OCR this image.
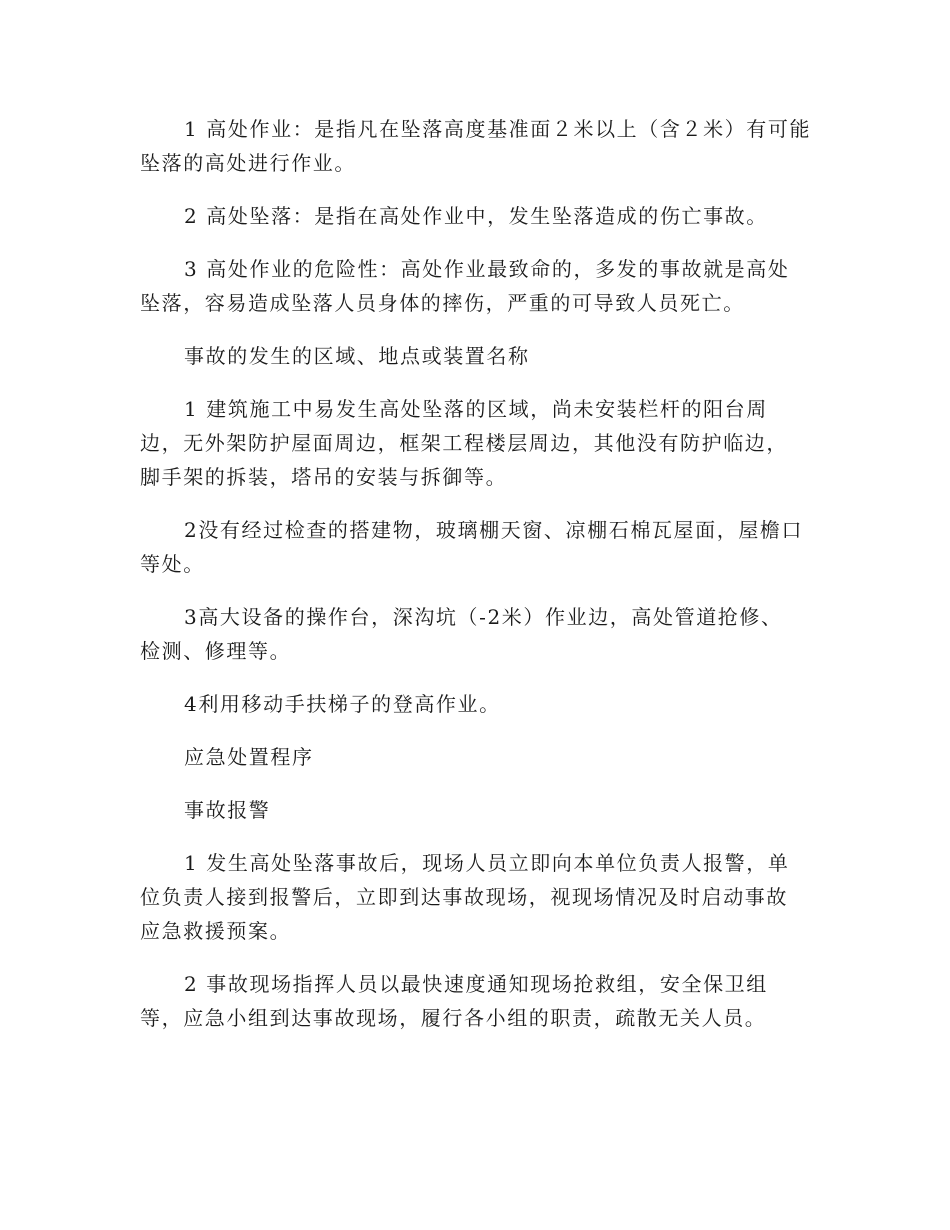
1 高处作业：是指凡在坠落高度基准面２米以上（含２米）有可能
坠落的高处进行作业。

2 高处坠落：是指在高处作业中，发生坠落造成的伤亡事故。

3 高处作业的危险性：高处作业最致命的，多发的事故就是高处
坠落，容易造成坠落人员身体的摔伤，严重的可导致人员死亡。

事故的发生的区域、地点或装置名称

1 建筑施工中易发生高处坠落的区域，尚未安装栏杆的阳台周
边，无外架防护屋面周边，框架工程楼层周边，其他没有防护临边，
脚手架的拆装，塔吊的安装与拆御等。

2没有经过检查的搭建物，玻璃棚天窗、凉棚石棉瓦屋面，屋檐口
等处。

3高大设备的操作台，深沟坑（-2米）作业边，高处管道抢修、
检测、修理等。

4利用移动手扶梯子的登高作业。

应急处置程序

事故报警

1 发生高处坠落事故后，现场人员立即向本单位负责人报警，单
位负责人接到报警后，立即到达事故现场，视现场情况及时启动事故
应急救援预案。

2 事故现场指挥人员以最快速度通知现场抢救组，安全保卫组
等，应急小组到达事故现场，履行各小组的职责，疏散无关人员。
